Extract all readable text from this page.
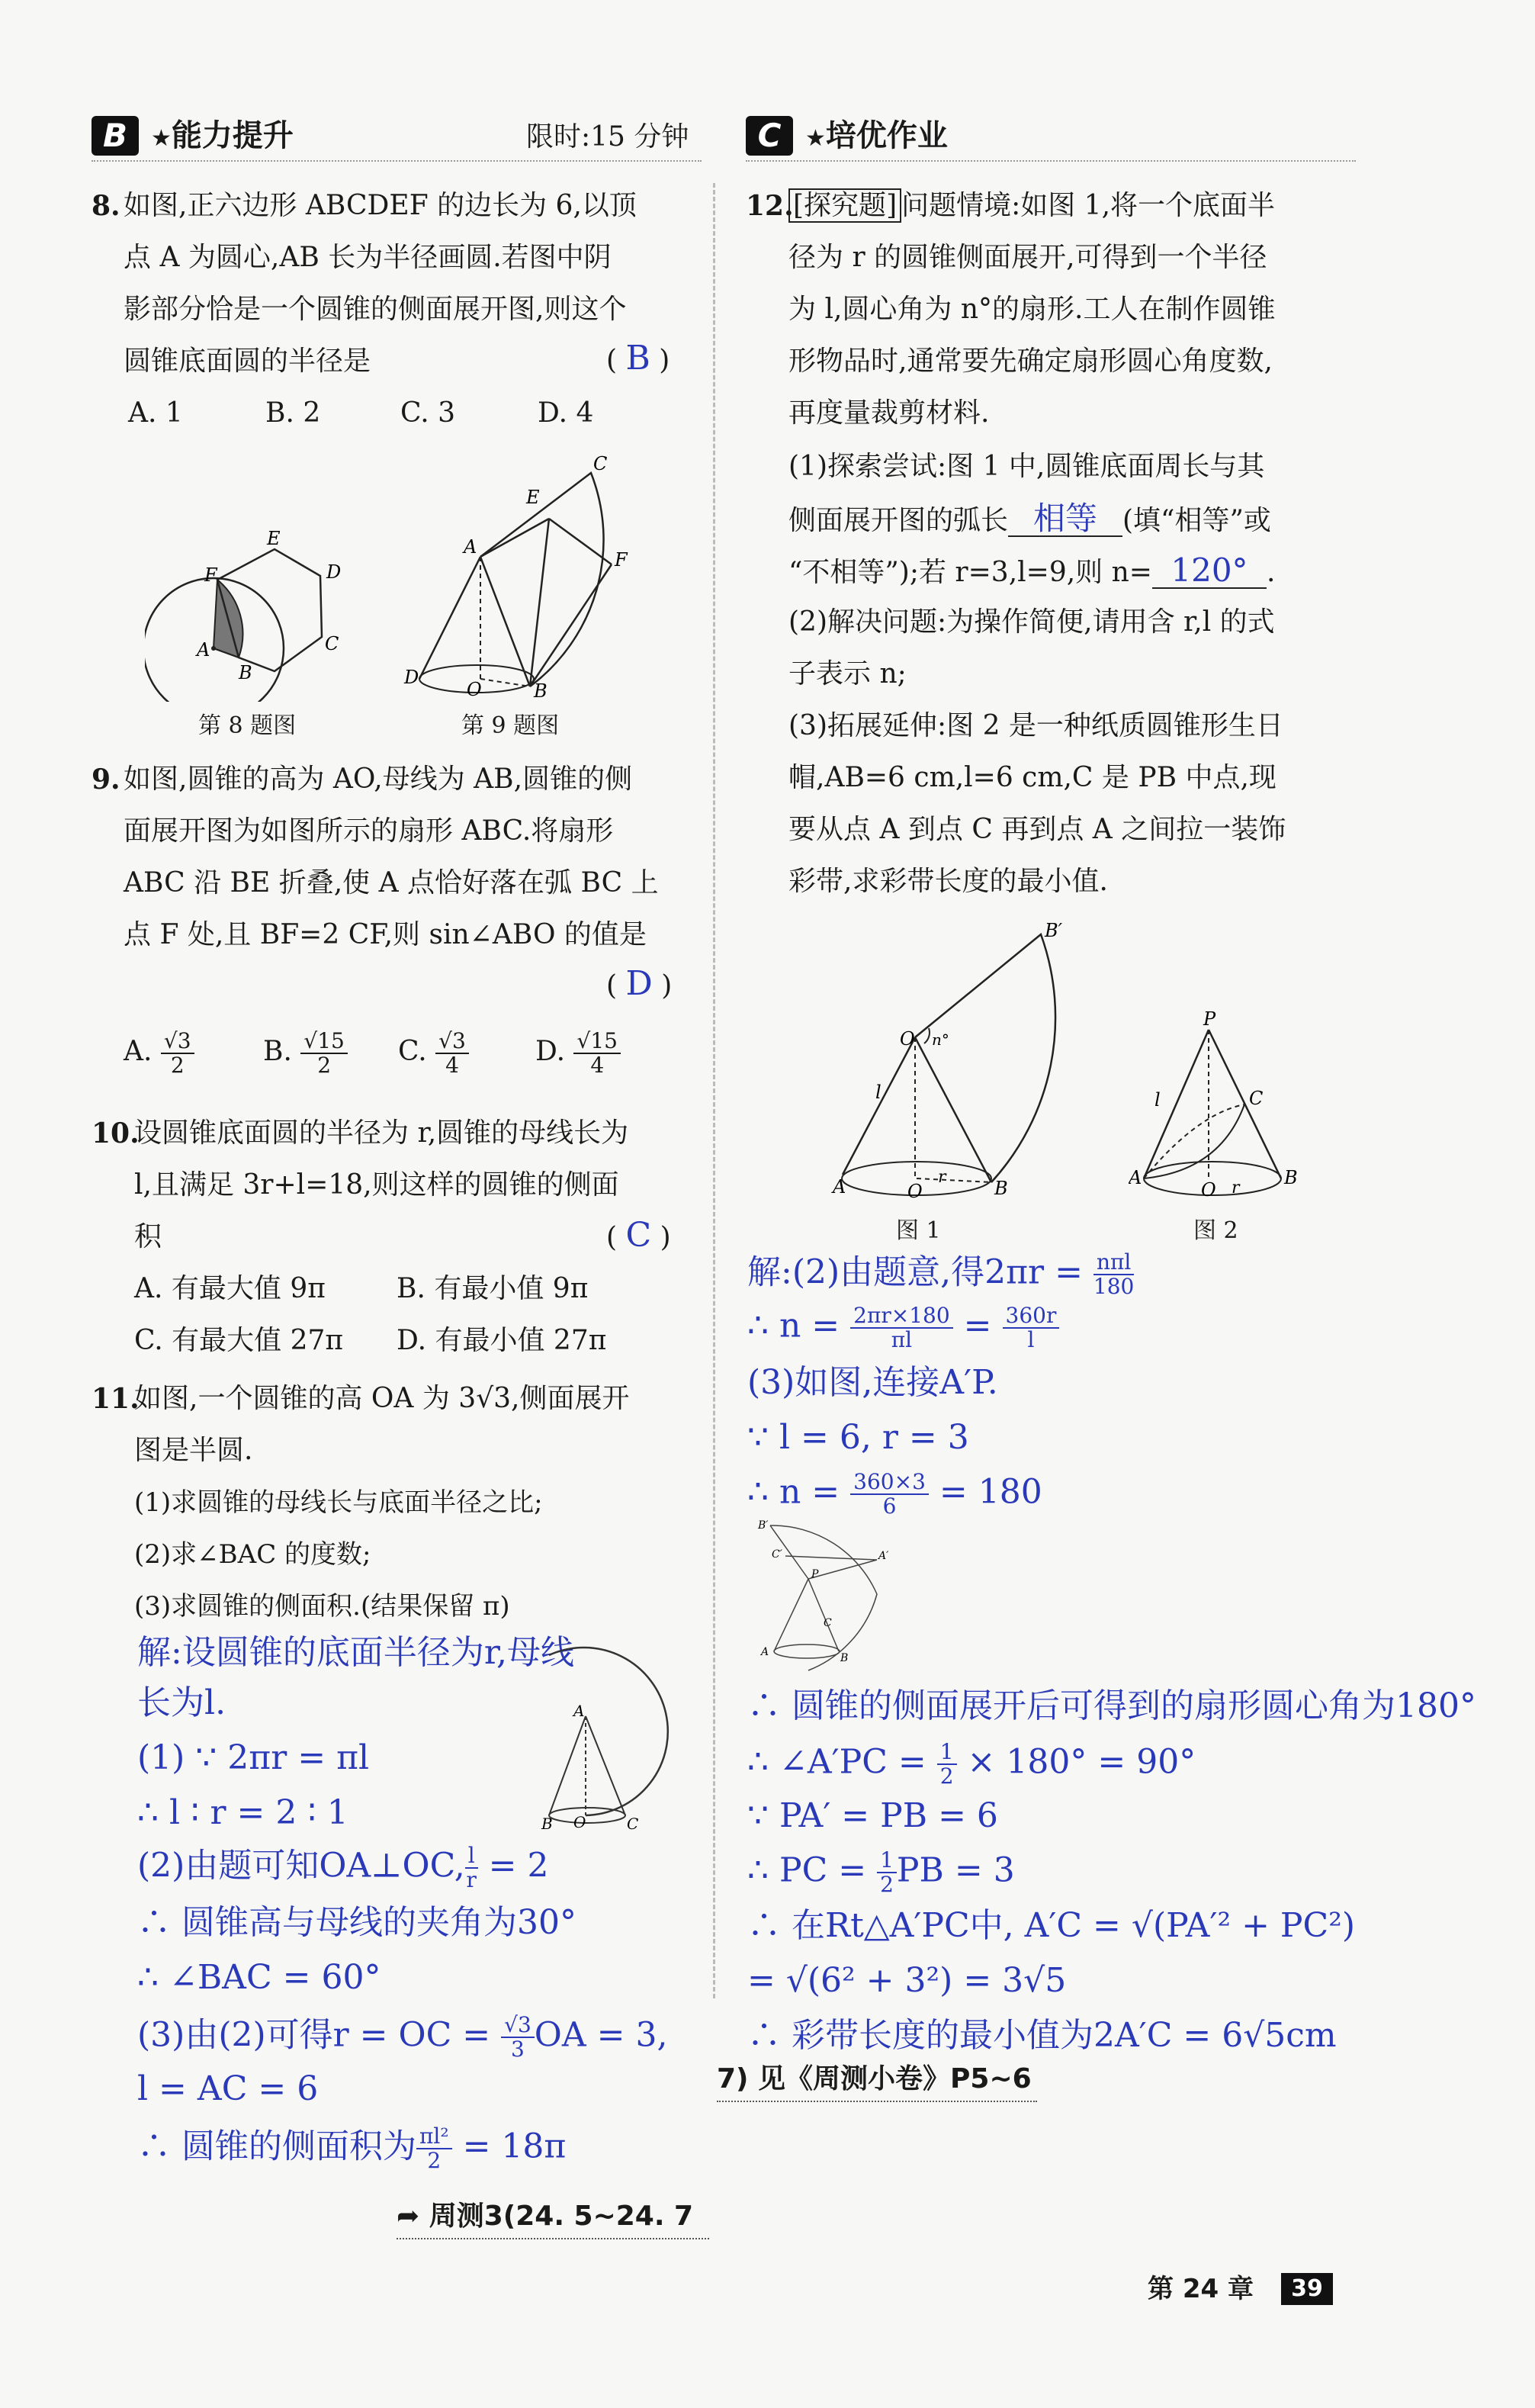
B	★能力提升	限时:15 分钟	C	★培优作业
8. 如图,正六边形 ABCDEF 的边长为 6,以顶
点 A 为圆心,AB 长为半径画圆.若图中阴
影部分恰是一个圆锥的侧面展开图,则这个
圆锥底面圆的半径是	( B )
A. 1	B. 2	C. 3	D. 4
A
B
C
D
E
F
第 8 题图
A
B
C
D
E
F
O
第 9 题图
9. 如图,圆锥的高为 AO,母线为 AB,圆锥的侧
面展开图为如图所示的扇形 ABC.将扇形
ABC 沿 BE 折叠,使 A 点恰好落在弧 BC 上
点 F 处,且 BF=2 CF,则 sin∠ABO 的值是
( D )
A. $\frac{√3}{2}$	B. $\frac{√15}{2} C$. $\frac{√3}{4} D$. $\frac{√15}{4}$
10.
设圆锥底面圆的半径为 r,圆锥的母线长为
l,且满足 3r+l=18,则这样的圆锥的侧面
积	( C )
A. 有最大值 9π	B. 有最小值 9π
C. 有最大值 27π D. 有最小值 27π
11.
如图,一个圆锥的高 OA 为 3√3,侧面展开
图是半圆.
(1)求圆锥的母线长与底面半径之比;
(2)求∠BAC 的度数;
(3)求圆锥的侧面积.(结果保留 π)
解:设圆锥的底面半径为r,母线
长为l.
(1) ∵ 2πr = πl
∴ l ∶ r = 2 ∶ 1
(2)由题可知OA⊥OC, $\frac{l}{r} = 2$
∴ 圆锥高与母线的夹角为30°
∴ ∠BAC = 60°
(3)由(2)可得r = OC = $\frac{√3}{3}$ OA = 3,
l = AC = 6
∴ 圆锥的侧面积为 $\frac{\text{πl²}}{2} = 18\pi$
A
B	C
O
12. [探究题] 问题情境:如图 1,将一个底面半
径为 r 的圆锥侧面展开,可得到一个半径
为 l,圆心角为 n°的扇形.工人在制作圆锥
形物品时,通常要先确定扇形圆心角度数,
再度量裁剪材料.
(1)探索尝试:图 1 中,圆锥底面周长与其
侧面展开图的弧长 相等 (填“相等”或
“不相等”);若 r=3,l=9,则 n= 120° .
(2)解决问题:为操作简便,请用含 r,l 的式
子表示 n;
(3)拓展延伸:图 2 是一种纸质圆锥形生日
帽,AB=6 cm,l=6 cm,C 是 PB 中点,现
要从点 A 到点 C 再到点 A 之间拉一装饰
彩带,求彩带长度的最小值.
B′
O n°
l
A	B
O
r
图 1
P
C
l
A	B
O r
图 2
解:(2)由题意,得$2\pi r = \frac{\text{nπl}}{180}$
∴ $n = \frac{2\pi r\times 180}{\pi l} = \frac{360r}{l}$
(3)如图,连接A′P.
∵ l = 6, r = 3
∴ $n = \frac{360\times 3}{6} = 180$
B′
A′
P
C′
C
A	B
∴ 圆锥的侧面展开后可得到的扇形圆心角为180°
∴ ∠A′PC = $\frac{1}{2} \times 180^\circ = 90^\circ$
∵ PA′ = PB = 6
∴ PC = $\frac{1}{2}$ PB = 3
∴ 在Rt△A′PC中, A′C = √(PA′² + PC²)
= √(6² + 3²) = 3√5
∴ 彩带长度的最小值为2A′C = 6√5cm
➦ 周测3(24. 5~24. 7
7) 见《周测小卷》P5~6
第 24 章	39
